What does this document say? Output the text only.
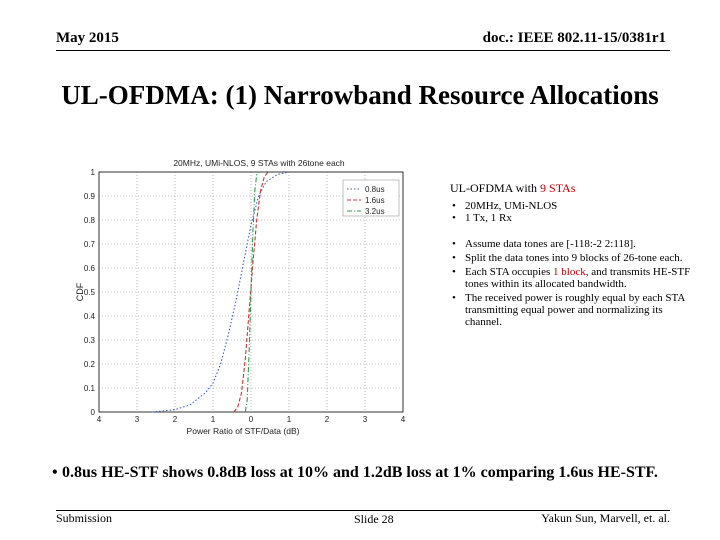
May 2015	doc.: IEEE 802.11-15/0381r1
UL-OFDMA: (1) Narrowband Resource Allocations
4	3	2	1	0	1	2	3	4
0
0.1
0.2
0.3
0.4
0.5
0.6
0.7
0.8
0.9
1
20MHz, UMi-NLOS, 9 STAs with 26tone each
Power Ratio of STF/Data (dB)
CDF
0.8us
1.6us
3.2us
UL-OFDMA with 9 STAs
• 20MHz, UMi-NLOS
• 1 Tx, 1 Rx
• Assume data tones are [-118:-2 2:118].
• Split the data tones into 9 blocks of 26-tone each.
• Each STA occupies 1 block, and transmits HE-STF tones within its allocated bandwidth.
• The received power is roughly equal by each STA transmitting equal power and normalizing its channel.
• 0.8us HE-STF shows 0.8dB loss at 10% and 1.2dB loss at 1% comparing 1.6us HE-STF.
Submission	Slide 28	Yakun Sun, Marvell, et. al.
